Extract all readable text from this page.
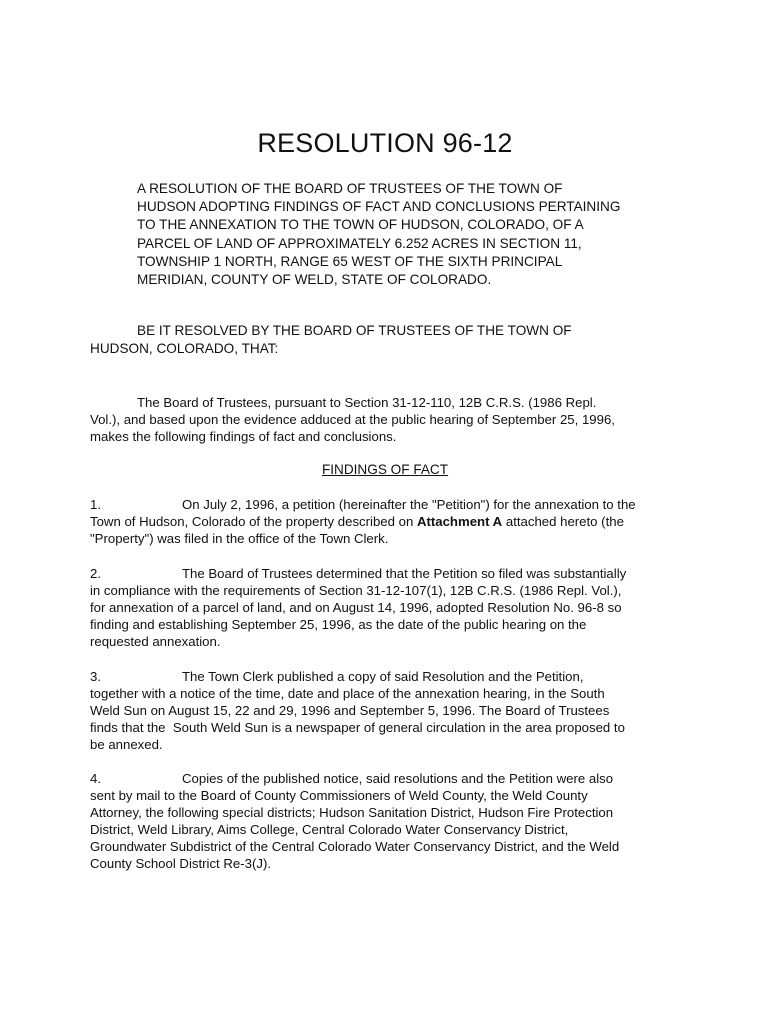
RESOLUTION 96-12
A RESOLUTION OF THE BOARD OF TRUSTEES OF THE TOWN OF
HUDSON ADOPTING FINDINGS OF FACT AND CONCLUSIONS PERTAINING
TO THE ANNEXATION TO THE TOWN OF HUDSON, COLORADO, OF A
PARCEL OF LAND OF APPROXIMATELY 6.252 ACRES IN SECTION 11,
TOWNSHIP 1 NORTH, RANGE 65 WEST OF THE SIXTH PRINCIPAL
MERIDIAN, COUNTY OF WELD, STATE OF COLORADO.
BE IT RESOLVED BY THE BOARD OF TRUSTEES OF THE TOWN OF
HUDSON, COLORADO, THAT:
The Board of Trustees, pursuant to Section 31-12-110, 12B C.R.S. (1986 Repl.
Vol.), and based upon the evidence adduced at the public hearing of September 25, 1996,
makes the following findings of fact and conclusions.
FINDINGS OF FACT
1.	On July 2, 1996, a petition (hereinafter the "Petition") for the annexation to the
Town of Hudson, Colorado of the property described on Attachment A attached hereto (the
"Property") was filed in the office of the Town Clerk.
2.	The Board of Trustees determined that the Petition so filed was substantially
in compliance with the requirements of Section 31-12-107(1), 12B C.R.S. (1986 Repl. Vol.),
for annexation of a parcel of land, and on August 14, 1996, adopted Resolution No. 96-8 so
finding and establishing September 25, 1996, as the date of the public hearing on the
requested annexation.
3.	The Town Clerk published a copy of said Resolution and the Petition,
together with a notice of the time, date and place of the annexation hearing, in the South
Weld Sun on August 15, 22 and 29, 1996 and September 5, 1996. The Board of Trustees
finds that the  South Weld Sun is a newspaper of general circulation in the area proposed to
be annexed.
4.	Copies of the published notice, said resolutions and the Petition were also
sent by mail to the Board of County Commissioners of Weld County, the Weld County
Attorney, the following special districts; Hudson Sanitation District, Hudson Fire Protection
District, Weld Library, Aims College, Central Colorado Water Conservancy District,
Groundwater Subdistrict of the Central Colorado Water Conservancy District, and the Weld
County School District Re-3(J).
